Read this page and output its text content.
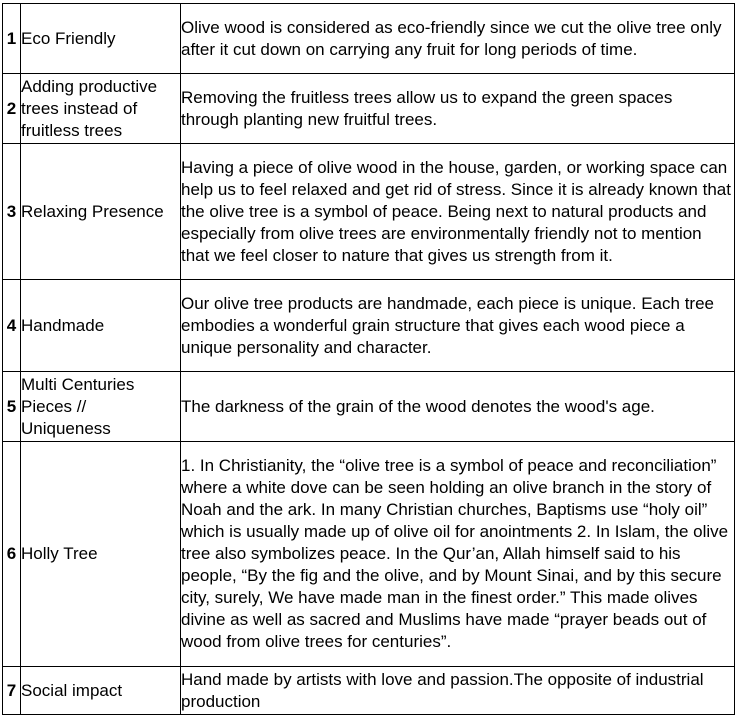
1	Eco Friendly	Olive wood is considered as eco-friendly since we cut the olive tree only after it cut down on carrying any fruit for long periods of time.
2	Adding productive trees instead of fruitless trees	Removing the fruitless trees allow us to expand the green spaces through planting new fruitful trees.
3	Relaxing Presence	Having a piece of olive wood in the house, garden, or working space can help us to feel relaxed and get rid of stress. Since it is already known that the olive tree is a symbol of peace. Being next to natural products and especially from olive trees are environmentally friendly not to mention that we feel closer to nature that gives us strength from it.
4	Handmade	Our olive tree products are handmade, each piece is unique. Each tree embodies a wonderful grain structure that gives each wood piece a unique personality and character.
5	Multi Centuries Pieces // Uniqueness	The darkness of the grain of the wood denotes the wood's age.
6	Holly Tree	1. In Christianity, the “olive tree is a symbol of peace and reconciliation” where a white dove can be seen holding an olive branch in the story of Noah and the ark. In many Christian churches, Baptisms use “holy oil” which is usually made up of olive oil for anointments 2. In Islam, the olive tree also symbolizes peace. In the Qur’an, Allah himself said to his people, “By the fig and the olive, and by Mount Sinai, and by this secure city, surely, We have made man in the finest order.” This made olives divine as well as sacred and Muslims have made “prayer beads out of wood from olive trees for centuries”.
7	Social impact	Hand made by artists with love and passion.The opposite of industrial production
